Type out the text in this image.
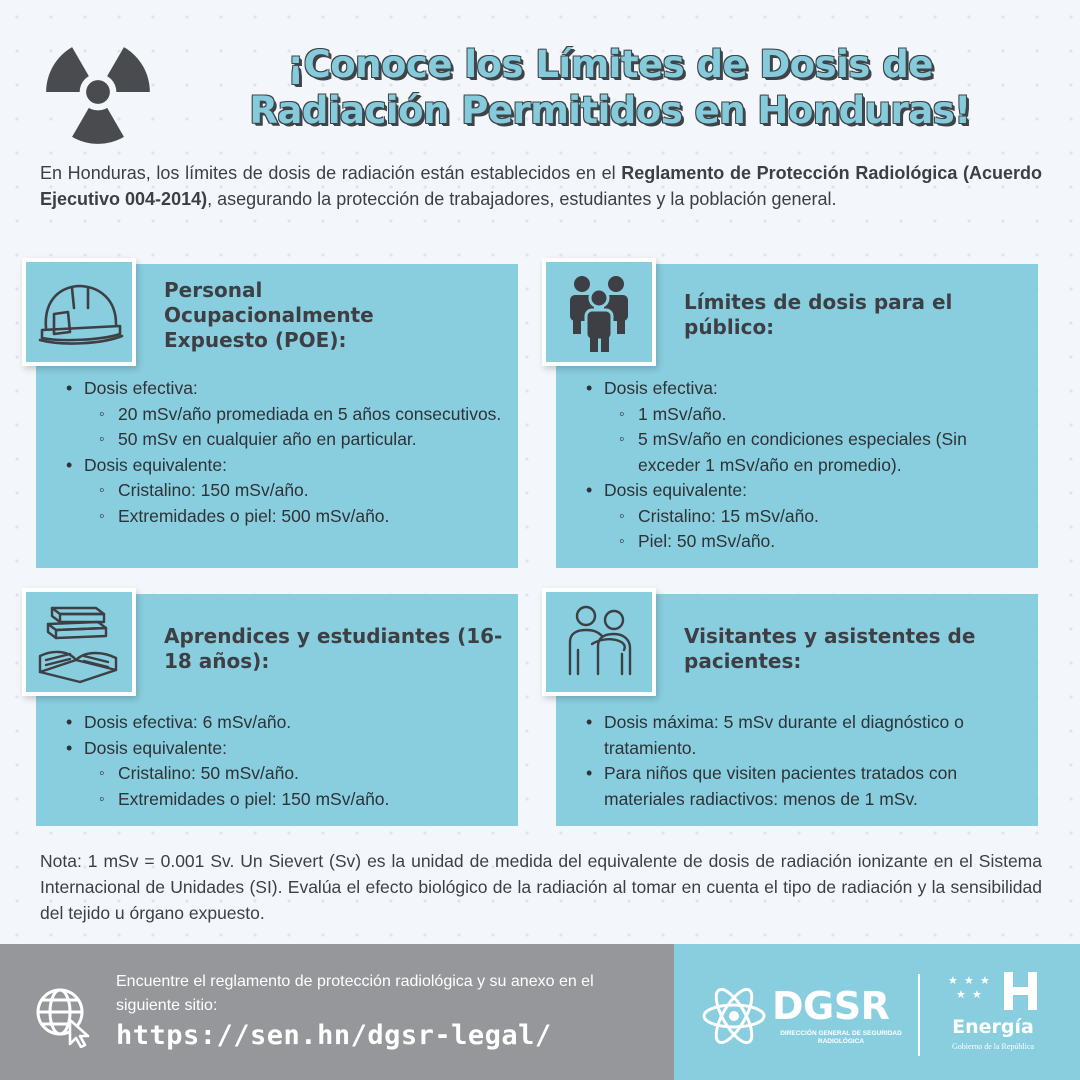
¡Conoce los Límites de Dosis de
Radiación Permitidos en Honduras!

En Honduras, los límites de dosis de radiación están establecidos en el Reglamento de Protección Radiológica (Acuerdo Ejecutivo 004-2014), asegurando la protección de trabajadores, estudiantes y la población general.

Personal Ocupacionalmente Expuesto (POE):
• Dosis efectiva:
◦ 20 mSv/año promediada en 5 años consecutivos.
◦ 50 mSv en cualquier año en particular.
• Dosis equivalente:
◦ Cristalino: 150 mSv/año.
◦ Extremidades o piel: 500 mSv/año.
Límites de dosis para el público:
• Dosis efectiva:
◦ 1 mSv/año.
◦ 5 mSv/año en condiciones especiales (Sin exceder 1 mSv/año en promedio).
• Dosis equivalente:
◦ Cristalino: 15 mSv/año.
◦ Piel: 50 mSv/año.
Aprendices y estudiantes (16-18 años):
• Dosis efectiva: 6 mSv/año.
• Dosis equivalente:
◦ Cristalino: 50 mSv/año.
◦ Extremidades o piel: 150 mSv/año.
Visitantes y asistentes de pacientes:
• Dosis máxima: 5 mSv durante el diagnóstico o tratamiento.
• Para niños que visiten pacientes tratados con materiales radiactivos: menos de 1 mSv.

Nota: 1 mSv = 0.001 Sv. Un Sievert (Sv) es la unidad de medida del equivalente de dosis de radiación ionizante en el Sistema Internacional de Unidades (SI). Evalúa el efecto biológico de la radiación al tomar en cuenta el tipo de radiación y la sensibilidad del tejido u órgano expuesto.

Encuentre el reglamento de protección radiológica y su anexo en el siguiente sitio:
https://sen.hn/dgsr-legal/
DGSR
DIRECCIÓN GENERAL DE SEGURIDAD RADIOLÓGICA
★ ★ ★
★ ★
Energía
Gobierno de la República
